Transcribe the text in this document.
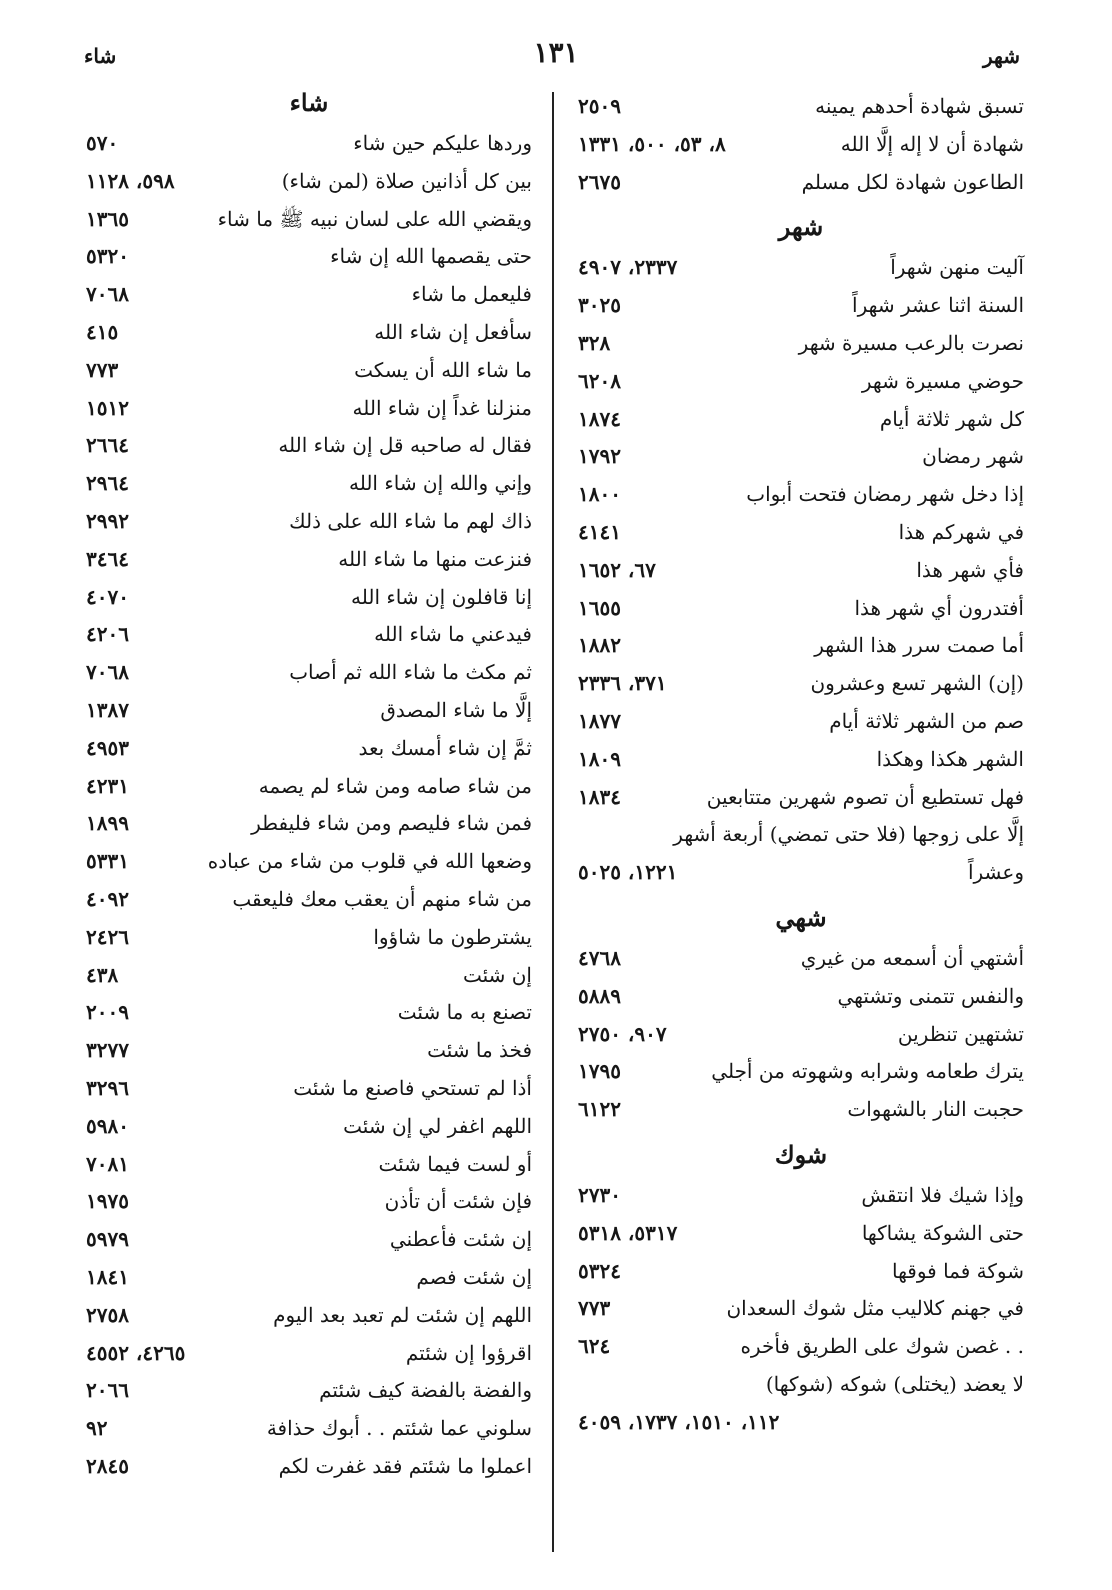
شهر
١٣١
شاء
تسبق شهادة أحدهم يمينه
٢٥٠٩
شهادة أن لا إله إلَّا الله
٨، ٥٣، ٥٠٠، ١٣٣١
الطاعون شهادة لكل مسلم
٢٦٧٥
شهر
آليت منهن شهراً
٢٣٣٧، ٤٩٠٧
السنة اثنا عشر شهراً
٣٠٢٥
نصرت بالرعب مسيرة شهر
٣٢٨
حوضي مسيرة شهر
٦٢٠٨
كل شهر ثلاثة أيام
١٨٧٤
شهر رمضان
١٧٩٢
إذا دخل شهر رمضان فتحت أبواب
١٨٠٠
في شهركم هذا
٤١٤١
فأي شهر هذا
٦٧، ١٦٥٢
أفتدرون أي شهر هذا
١٦٥٥
أما صمت سرر هذا الشهر
١٨٨٢
(إن) الشهر تسع وعشرون
٣٧١، ٢٣٣٦
صم من الشهر ثلاثة أيام
١٨٧٧
الشهر هكذا وهكذا
١٨٠٩
فهل تستطيع أن تصوم شهرين متتابعين
١٨٣٤
إلَّا على زوجها (فلا حتى تمضي) أربعة أشهر
وعشراً
١٢٢١، ٥٠٢٥
شهي
أشتهي أن أسمعه من غيري
٤٧٦٨
والنفس تتمنى وتشتهي
٥٨٨٩
تشتهين تنظرين
٩٠٧، ٢٧٥٠
يترك طعامه وشرابه وشهوته من أجلي
١٧٩٥
حجبت النار بالشهوات
٦١٢٢
شوك
وإذا شيك فلا انتقش
٢٧٣٠
حتى الشوكة يشاكها
٥٣١٧، ٥٣١٨
شوكة فما فوقها
٥٣٢٤
في جهنم كلاليب مثل شوك السعدان
٧٧٣
. . غصن شوك على الطريق فأخره
٦٢٤
لا يعضد (يختلى) شوكه (شوكها)
١١٢، ١٥١٠، ١٧٣٧، ٤٠٥٩
شاء
وردها عليكم حين شاء
٥٧٠
بين كل أذانين صلاة (لمن شاء)
٥٩٨، ١١٢٨
ويقضي الله على لسان نبيه ﷺ ما شاء
١٣٦٥
حتى يقصمها الله إن شاء
٥٣٢٠
فليعمل ما شاء
٧٠٦٨
سأفعل إن شاء الله
٤١٥
ما شاء الله أن يسكت
٧٧٣
منزلنا غداً إن شاء الله
١٥١٢
فقال له صاحبه قل إن شاء الله
٢٦٦٤
وإني والله إن شاء الله
٢٩٦٤
ذاك لهم ما شاء الله على ذلك
٢٩٩٢
فنزعت منها ما شاء الله
٣٤٦٤
إنا قافلون إن شاء الله
٤٠٧٠
فيدعني ما شاء الله
٤٢٠٦
ثم مكث ما شاء الله ثم أصاب
٧٠٦٨
إلَّا ما شاء المصدق
١٣٨٧
ثمَّ إن شاء أمسك بعد
٤٩٥٣
من شاء صامه ومن شاء لم يصمه
٤٢٣١
فمن شاء فليصم ومن شاء فليفطر
١٨٩٩
وضعها الله في قلوب من شاء من عباده
٥٣٣١
من شاء منهم أن يعقب معك فليعقب
٤٠٩٢
يشترطون ما شاؤوا
٢٤٢٦
إن شئت
٤٣٨
تصنع به ما شئت
٢٠٠٩
فخذ ما شئت
٣٢٧٧
أذا لم تستحي فاصنع ما شئت
٣٢٩٦
اللهم اغفر لي إن شئت
٥٩٨٠
أو لست فيما شئت
٧٠٨١
فإن شئت أن تأذن
١٩٧٥
إن شئت فأعطني
٥٩٧٩
إن شئت فصم
١٨٤١
اللهم إن شئت لم تعبد بعد اليوم
٢٧٥٨
اقرؤوا إن شئتم
٤٢٦٥، ٤٥٥٢
والفضة بالفضة كيف شئتم
٢٠٦٦
سلوني عما شئتم . . أبوك حذافة
٩٢
اعملوا ما شئتم فقد غفرت لكم
٢٨٤٥
